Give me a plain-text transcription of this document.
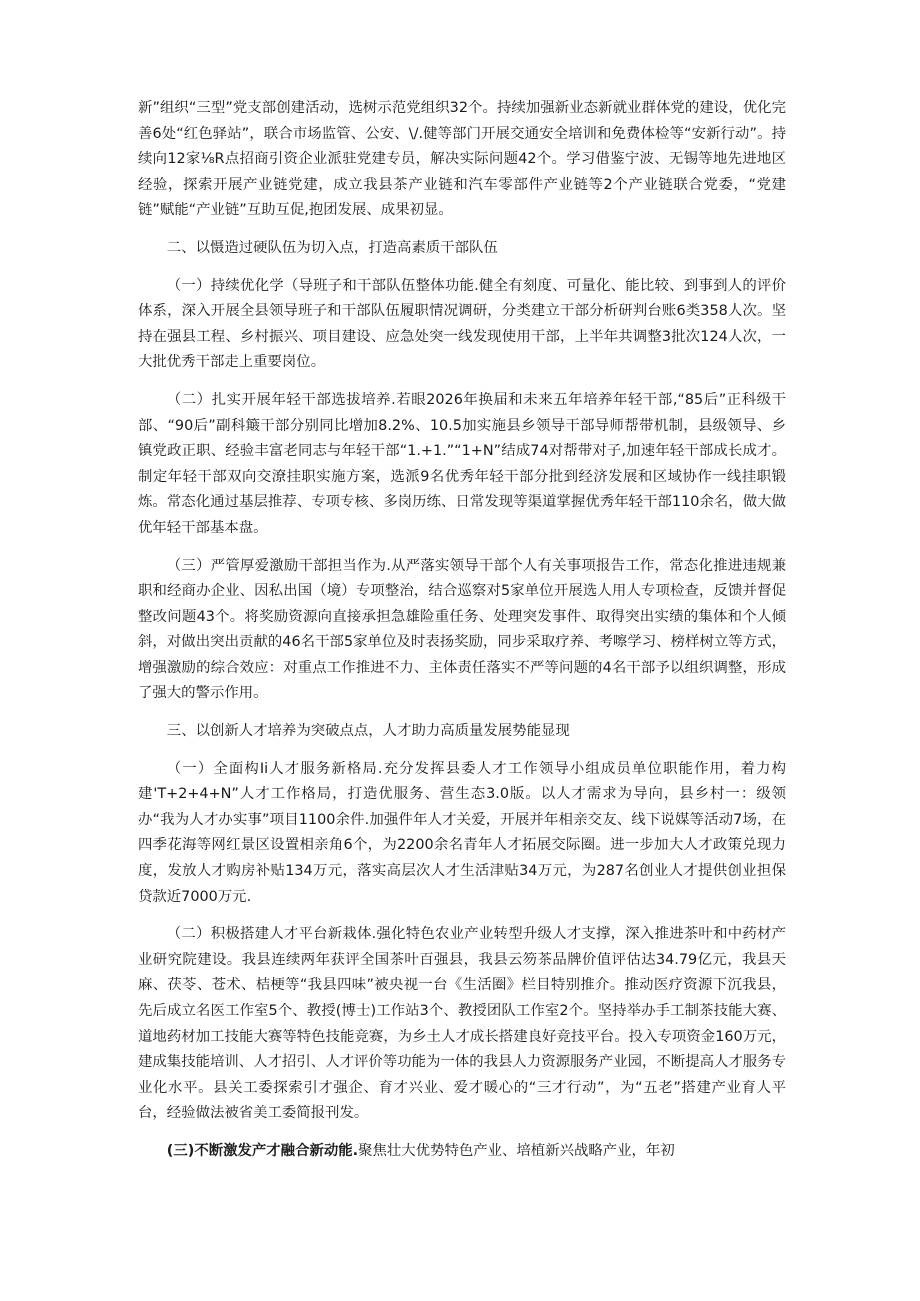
新”组织“三型”党支部创建活动，选树示范党组织32个。持续加强新业态新就业群体党的建设，优化完善6处“红色驿站”，联合市场监管、公安、\/.健等部门开展交通安全培训和免费体检等“安新行动”。持续向12家⅛R点招商引资企业派驻党建专员，解决实际问题42个。学习借鉴宁波、无锡等地先进地区经验，探索开展产业链党建，成立我县茶产业链和汽车零部件产业链等2个产业链联合党委，“党建链”赋能“产业链”互助互促,抱团发展、成果初显。

二、以慑造过硬队伍为切入点，打造高素质干部队伍

（一）持续优化学（导班子和干部队伍整体功能.健全有刻度、可量化、能比较、到事到人的评价体系，深入开展全县领导班子和干部队伍履职情况调研，分类建立干部分析研判台账6类358人次。坚持在强县工程、乡村振兴、项目建设、应急处突一线发现使用干部，上半年共调整3批次124人次，一大批优秀干部走上重要岗位。

（二）扎实开展年轻干部选拔培养.若眼2026年换届和未来五年培养年轻干部,“85后”正科级干部、“90后”副科簸干部分别同比增加8.2%、10.5加实施县乡领导干部导师帮带机制，县级领导、乡镇党政正职、经验丰富老同志与年轻干部“1.+1.”“1+N”结成74对帮带对子,加速年轻干部成长成才。制定年轻干部双向交潦挂职实施方案，选派9名优秀年轻干部分批到经济发展和区域协作一线挂职锻炼。常态化通过基层推荐、专项专核、多岗历练、日常发现等渠道掌握优秀年轻干部110余名，做大做优年轻干部基本盘。

（三）严管厚爱激励干部担当作为.从严落实领导干部个人有关事项报告工作，常态化推进违规兼职和经商办企业、因私出国（境）专项整治，结合巡察对5家单位开展选人用人专项检查，反馈并督促整改问题43个。将奖励资源向直接承担急雄险重任务、处理突发事件、取得突出实绩的集体和个人倾斜，对做出突出贡献的46名干部5家单位及时表扬奖励，同步采取疗养、考嚓学习、榜样树立等方式，增强激励的综合效应：对重点工作推进不力、主体责任落实不严等问题的4名干部予以组织调整，形成了强大的警示作用。

三、以创新人才培养为突破点点，人才助力高质量发展势能显现

（一）全面构Ii人才服务新格局.充分发挥县委人才工作领导小组成员单位职能作用，着力构建'T+2+4+N”人才工作格局，打造优服务、营生态3.0版。以人才需求为导向，县乡村一：级领办“我为人才办实事”项目1100余件.加强件年人才关爱，开展并年相亲交友、线下说媒等活动7场，在四季花海等网红景区设置相亲角6个，为2200余名青年人才拓展交际圈。进一步加大人才政策兑现力度，发放人才购房补贴134万元，落实高层次人才生活津贴34万元，为287名创业人才提供创业担保贷款近7000万元.

（二）积极搭建人才平台新栽体.强化特色农业产业转型升级人才支撑，深入推进茶叶和中药材产业研究院建设。我县连续两年获评全国茶叶百强县，我县云笏茶品牌价值评估达34.79亿元，我县天麻、茯苓、苍术、桔梗等“我县四味”被央视一台《生活圈》栏目特别推介。推动医疗资源下沉我县，先后成立名医工作室5个、教授(博士)工作站3个、教授团队工作室2个。坚持举办手工制茶技能大赛、道地药材加工技能大赛等特色技能竞赛，为乡土人才成长搭建良好竞技平台。投入专项资金160万元，建成集技能培训、人才招引、人才评价等功能为一体的我县人力资源服务产业园，不断提高人才服务专业化水平。县关工委探索引才强企、育才兴业、爱才暖心的“三才行动”，为“五老”搭建产业育人平台，经验做法被省美工委简报刊发。

(三)不断激发产才融合新动能.聚焦壮大优势特色产业、培植新兴战略产业，年初
